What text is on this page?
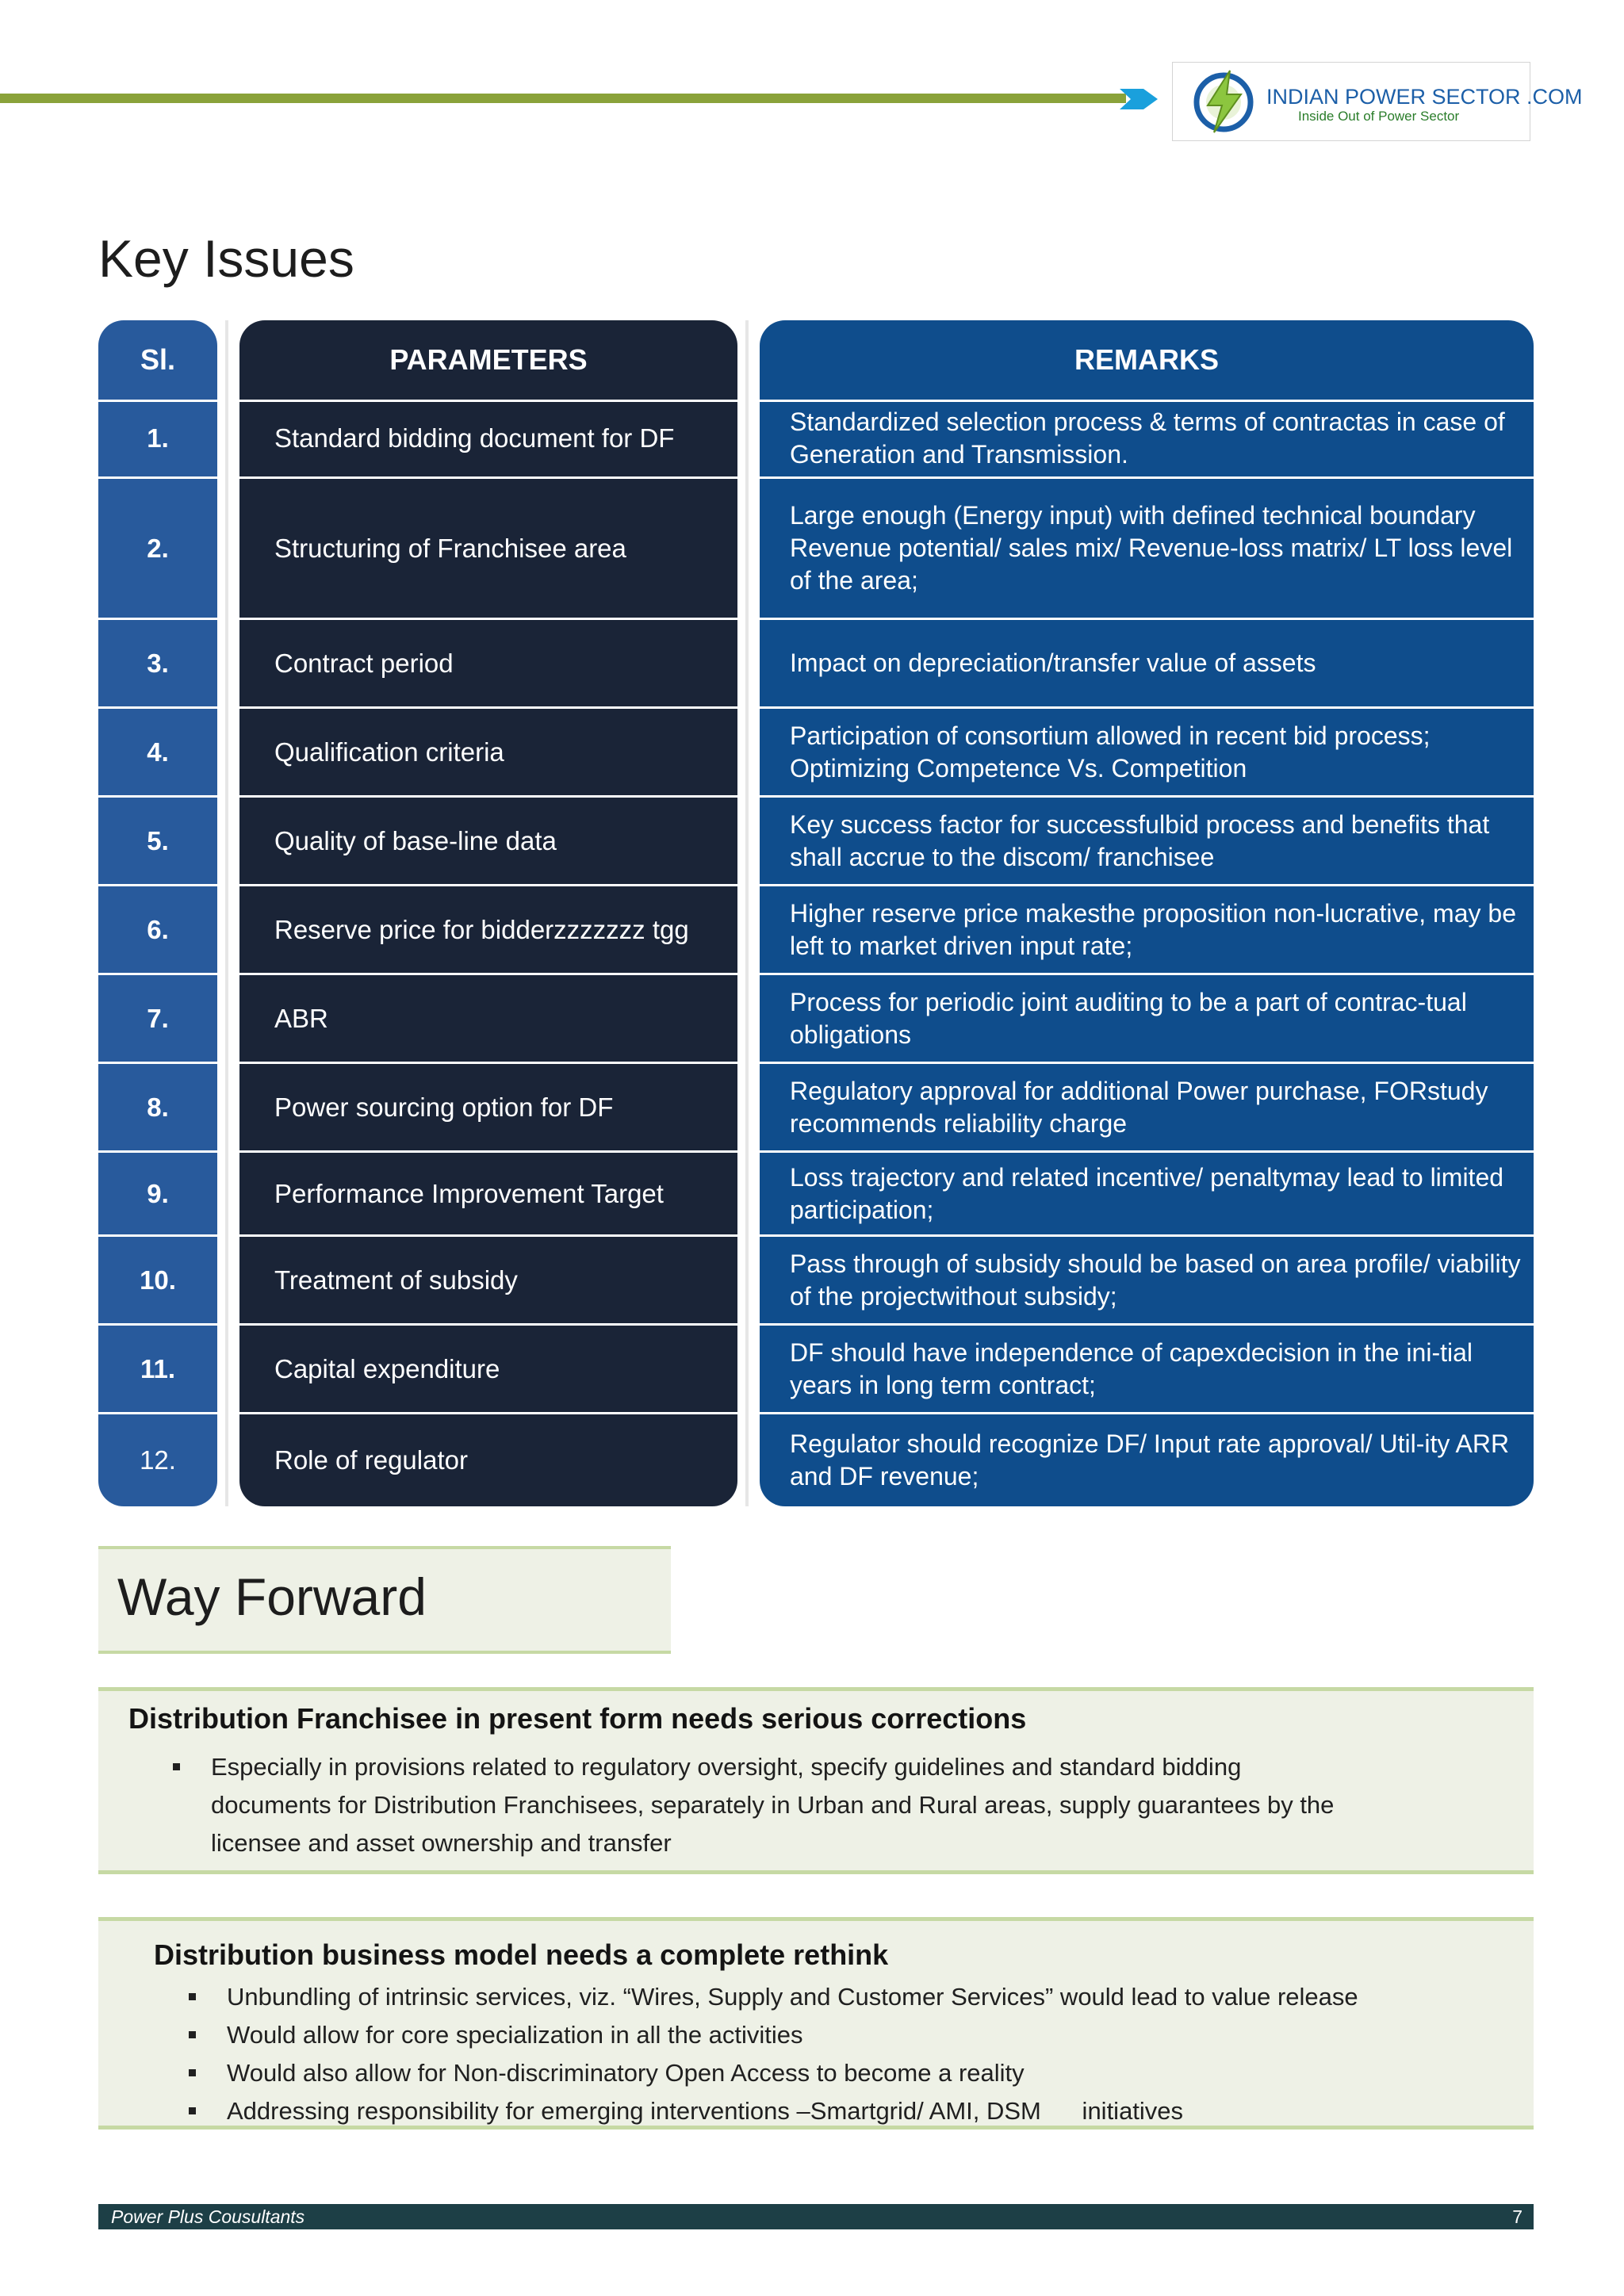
INDIAN POWER SECTOR .COM
Inside Out of Power Sector
Key Issues
Sl.
1.
2.
3.
4.
5.
6.
7.
8.
9.
10.
11.
12.
PARAMETERS
Standard bidding document for DF
Structuring of Franchisee area
Contract period
Qualification criteria
Quality of base-line data
Reserve price for bidderzzzzzzz tgg
ABR
Power sourcing option for DF
Performance Improvement Target
Treatment of subsidy
Capital expenditure
Role of regulator
REMARKS
Standardized selection process & terms of contractas in case of Generation and Transmission.
Large enough (Energy input) with defined technical boundary
Revenue potential/ sales mix/ Revenue-loss matrix/ LT loss level of the area;
Impact on depreciation/transfer value of assets
Participation of consortium allowed in recent bid process; Optimizing Competence Vs. Competition
Key success factor for successfulbid process and benefits that shall accrue to the discom/ franchisee
Higher reserve price makesthe proposition non-lucrative, may be left to market driven input rate;
Process for periodic joint auditing to be a part of contrac-tual obligations
Regulatory approval for additional Power purchase, FORstudy recommends reliability charge
Loss trajectory and related incentive/ penaltymay lead to limited participation;
Pass through of subsidy should be based on area profile/ viability of the projectwithout subsidy;
DF should have independence of capexdecision in the ini-tial years in long term contract;
Regulator should recognize DF/ Input rate approval/ Util-ity ARR and DF revenue;
Way Forward
Distribution Franchisee in present form needs serious corrections
Especially in provisions related to regulatory oversight, specify guidelines and standard bidding documents for Distribution Franchisees, separately in Urban and Rural areas, supply guarantees by the licensee and asset ownership and transfer
Distribution business model needs a complete rethink
Unbundling of intrinsic services, viz. “Wires, Supply and Customer Services” would lead to value release
Would allow for core specialization in all the activities
Would also allow for Non-discriminatory Open Access to become a reality
Addressing responsibility for emerging interventions –Smartgrid/ AMI, DSM      initiatives
Power Plus Cousultants	7
